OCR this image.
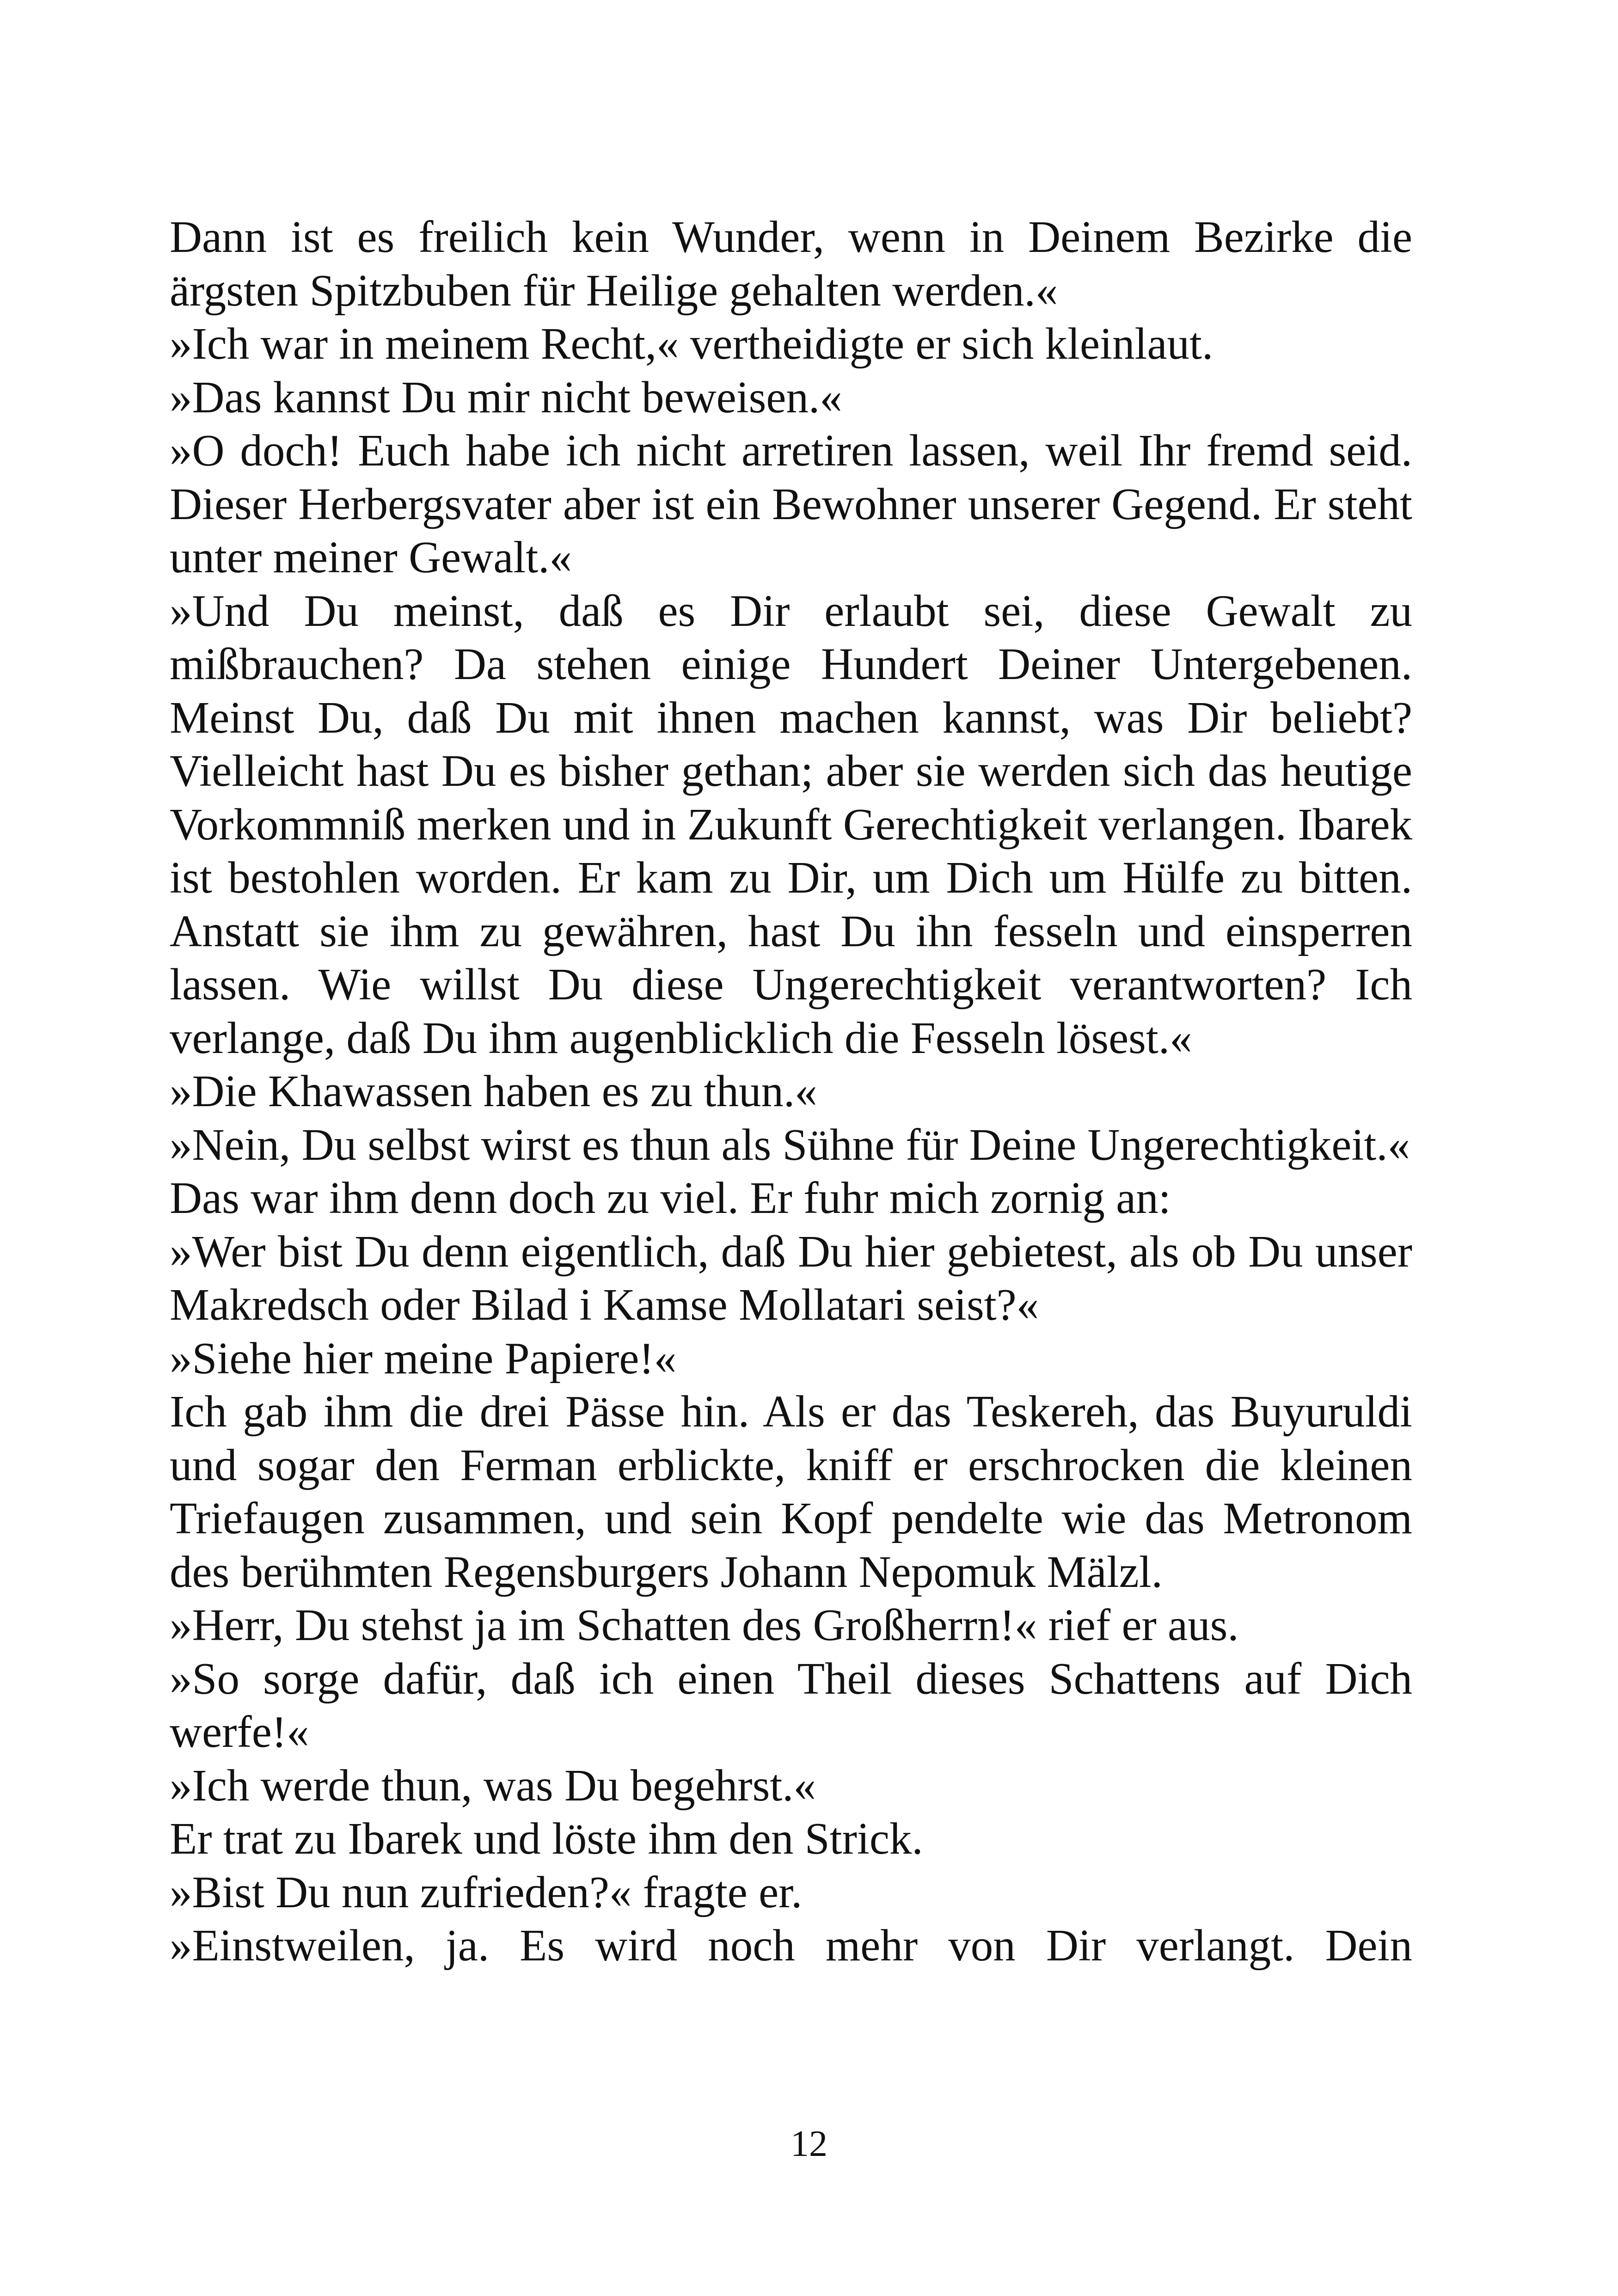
Dann ist es freilich kein Wunder, wenn in Deinem Bezirke die ärgsten Spitzbuben für Heilige gehalten werden.«

»Ich war in meinem Recht,« vertheidigte er sich kleinlaut.

»Das kannst Du mir nicht beweisen.«

»O doch! Euch habe ich nicht arretiren lassen, weil Ihr fremd seid. Dieser Herbergsvater aber ist ein Bewohner unserer Gegend. Er steht unter meiner Gewalt.«

»Und Du meinst, daß es Dir erlaubt sei, diese Gewalt zu mißbrauchen? Da stehen einige Hundert Deiner Untergebenen. Meinst Du, daß Du mit ihnen machen kannst, was Dir beliebt? Vielleicht hast Du es bisher gethan; aber sie werden sich das heutige Vorkommniß merken und in Zukunft Gerechtigkeit verlangen. Ibarek ist bestohlen worden. Er kam zu Dir, um Dich um Hülfe zu bitten. Anstatt sie ihm zu gewähren, hast Du ihn fesseln und einsperren lassen. Wie willst Du diese Ungerechtigkeit verantworten? Ich verlange, daß Du ihm augenblicklich die Fesseln lösest.«

»Die Khawassen haben es zu thun.«

»Nein, Du selbst wirst es thun als Sühne für Deine Ungerechtigkeit.«

Das war ihm denn doch zu viel. Er fuhr mich zornig an:

»Wer bist Du denn eigentlich, daß Du hier gebietest, als ob Du unser Makredsch oder Bilad i Kamse Mollatari seist?«

»Siehe hier meine Papiere!«

Ich gab ihm die drei Pässe hin. Als er das Teskereh, das Buyuruldi und sogar den Ferman erblickte, kniff er erschrocken die kleinen Triefaugen zusammen, und sein Kopf pendelte wie das Metronom des berühmten Regensburgers Johann Nepomuk Mälzl.

»Herr, Du stehst ja im Schatten des Großherrn!« rief er aus.

»So sorge dafür, daß ich einen Theil dieses Schattens auf Dich werfe!«

»Ich werde thun, was Du begehrst.«

Er trat zu Ibarek und löste ihm den Strick.

»Bist Du nun zufrieden?« fragte er.

»Einstweilen, ja. Es wird noch mehr von Dir verlangt. Dein

12
